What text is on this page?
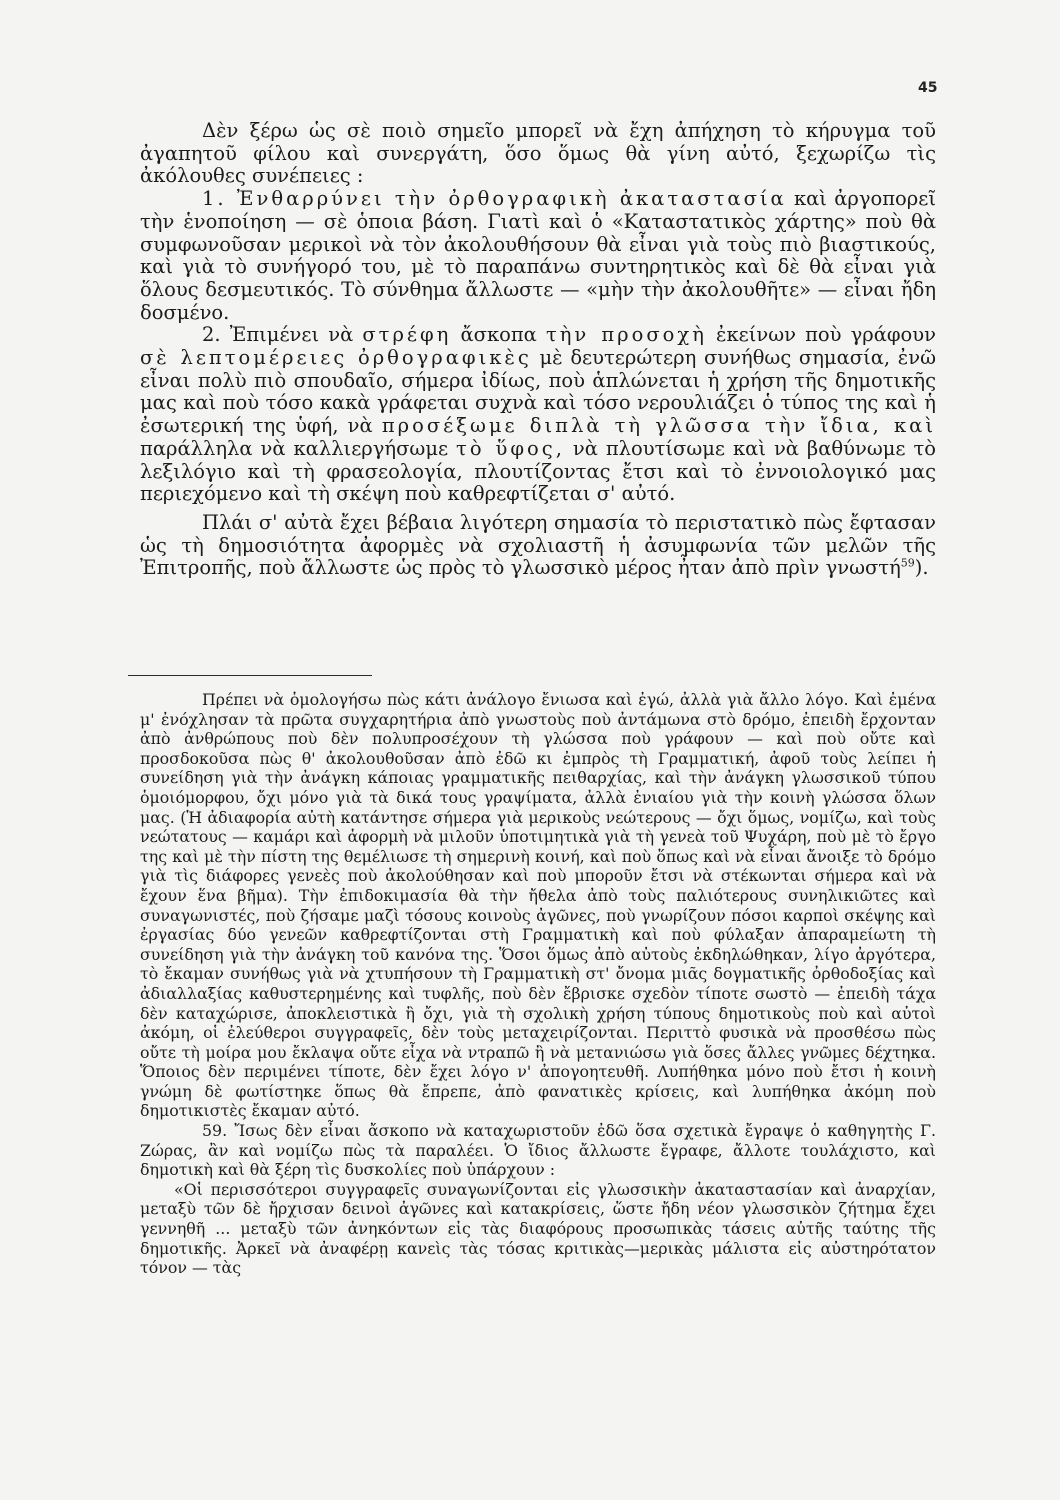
45

Δὲν ξέρω ὡς σὲ ποιὸ σημεῖο μπορεῖ νὰ ἔχη ἀπήχηση τὸ κήρυγμα τοῦ ἀγαπητοῦ φίλου καὶ συνεργάτη, ὅσο ὅμως θὰ γίνη αὐτό, ξεχωρίζω τὶς ἀκόλουθες συνέπειες :

1. Ἐνθαρρύνει τὴν ὀρθογραφικὴ ἀκαταστασία καὶ ἀργοπορεῖ τὴν ἑνοποίηση — σὲ ὁποια βάση. Γιατὶ καὶ ὁ «Καταστατικὸς χάρτης» ποὺ θὰ συμφωνοῦσαν μερικοὶ νὰ τὸν ἀκολουθήσουν θὰ εἶναι γιὰ τοὺς πιὸ βιαστικούς, καὶ γιὰ τὸ συνήγορό του, μὲ τὸ παραπάνω συντηρητικὸς καὶ δὲ θὰ εἶναι γιὰ ὅλους δεσμευτικός. Τὸ σύνθημα ἄλλωστε — «μὴν τὴν ἀκολουθῆτε» — εἶναι ἤδη δοσμένο.

2. Ἐπιμένει νὰ στρέφη ἄσκοπα τὴν προσοχὴ ἐκείνων ποὺ γράφουν σὲ λεπτομέρειες ὀρθογραφικὲς μὲ δευτερώτερη συνήθως σημασία, ἐνῶ εἶναι πολὺ πιὸ σπουδαῖο, σήμερα ἰδίως, ποὺ ἁπλώνεται ἡ χρήση τῆς δημοτικῆς μας καὶ ποὺ τόσο κακὰ γράφεται συχνὰ καὶ τόσο νερουλιάζει ὁ τύπος της καὶ ἡ ἐσωτερική της ὑφή, νὰ προσέξωμε διπλὰ τὴ γλῶσσα τὴν ἴδια, καὶ παράλληλα νὰ καλλιεργήσωμε τὸ ὕφος, νὰ πλουτίσωμε καὶ νὰ βαθύνωμε τὸ λεξιλόγιο καὶ τὴ φρασεολογία, πλουτίζοντας ἔτσι καὶ τὸ ἐννοιολογικό μας περιεχόμενο καὶ τὴ σκέψη ποὺ καθρεφτίζεται σ' αὐτό.

Πλάι σ' αὐτὰ ἔχει βέβαια λιγότερη σημασία τὸ περιστατικὸ πὼς ἔφτασαν ὡς τὴ δημοσιότητα ἀφορμὲς νὰ σχολιαστῆ ἡ ἀσυμφωνία τῶν μελῶν τῆς Ἐπιτροπῆς, ποὺ ἄλλωστε ὡς πρὸς τὸ γλωσσικὸ μέρος ἦταν ἀπὸ πρὶν γνωστή$^{59}$).

Πρέπει νὰ ὁμολογήσω πὼς κάτι ἀνάλογο ἔνιωσα καὶ ἐγώ, ἀλλὰ γιὰ ἄλλο λόγο. Καὶ ἐμένα μ' ἐνόχλησαν τὰ πρῶτα συγχαρητήρια ἀπὸ γνωστοὺς ποὺ ἀντάμωνα στὸ δρόμο, ἐπειδὴ ἔρχονταν ἀπὸ ἀνθρώπους ποὺ δὲν πολυπροσέχουν τὴ γλώσσα ποὺ γράφουν — καὶ ποὺ οὔτε καὶ προσδοκοῦσα πὼς θ' ἀκολουθοῦσαν ἀπὸ ἐδῶ κι ἐμπρὸς τὴ Γραμματική, ἀφοῦ τοὺς λείπει ἡ συνείδηση γιὰ τὴν ἀνάγκη κάποιας γραμματικῆς πειθαρχίας, καὶ τὴν ἀνάγκη γλωσσικοῦ τύπου ὁμοιόμορφου, ὄχι μόνο γιὰ τὰ δικά τους γραψίματα, ἀλλὰ ἑνιαίου γιὰ τὴν κοινὴ γλώσσα ὅλων μας. (Ἡ ἀδιαφορία αὐτὴ κατάντησε σήμερα γιὰ μερικοὺς νεώτερους — ὄχι ὅμως, νομίζω, καὶ τοὺς νεώτατους — καμάρι καὶ ἀφορμὴ νὰ μιλοῦν ὑποτιμητικὰ γιὰ τὴ γενεὰ τοῦ Ψυχάρη, ποὺ μὲ τὸ ἔργο της καὶ μὲ τὴν πίστη της θεμέλιωσε τὴ σημερινὴ κοινή, καὶ ποὺ ὅπως καὶ νὰ εἶναι ἄνοιξε τὸ δρόμο γιὰ τὶς διάφορες γενεὲς ποὺ ἀκολούθησαν καὶ ποὺ μποροῦν ἔτσι νὰ στέκωνται σήμερα καὶ νὰ ἔχουν ἕνα βῆμα). Τὴν ἐπιδοκιμασία θὰ τὴν ἤθελα ἀπὸ τοὺς παλιότερους συνηλικιῶτες καὶ συναγωνιστές, ποὺ ζήσαμε μαζὶ τόσους κοινοὺς ἀγῶνες, ποὺ γνωρίζουν πόσοι καρποὶ σκέψης καὶ ἐργασίας δύο γενεῶν καθρεφτίζονται στὴ Γραμματικὴ καὶ ποὺ φύλαξαν ἀπαραμείωτη τὴ συνείδηση γιὰ τὴν ἀνάγκη τοῦ κανόνα της. Ὅσοι ὅμως ἀπὸ αὐτοὺς ἐκδηλώθηκαν, λίγο ἀργότερα, τὸ ἔκαμαν συνήθως γιὰ νὰ χτυπήσουν τὴ Γραμματικὴ στ' ὄνομα μιᾶς δογματικῆς ὀρθοδοξίας καὶ ἀδιαλλαξίας καθυστερημένης καὶ τυφλῆς, ποὺ δὲν ἔβρισκε σχεδὸν τίποτε σωστὸ — ἐπειδὴ τάχα δὲν καταχώρισε, ἀποκλειστικὰ ἢ ὄχι, γιὰ τὴ σχολικὴ χρήση τύπους δημοτικοὺς ποὺ καὶ αὐτοὶ ἀκόμη, οἱ ἐλεύθεροι συγγραφεῖς, δὲν τοὺς μεταχειρίζονται. Περιττὸ φυσικὰ νὰ προσθέσω πὼς οὔτε τὴ μοίρα μου ἔκλαψα οὔτε εἶχα νὰ ντραπῶ ἢ νὰ μετανιώσω γιὰ ὅσες ἄλλες γνῶμες δέχτηκα. Ὅποιος δὲν περιμένει τίποτε, δὲν ἔχει λόγο ν' ἀπογοητευθῆ. Λυπήθηκα μόνο ποὺ ἔτσι ἡ κοινὴ γνώμη δὲ φωτίστηκε ὅπως θὰ ἔπρεπε, ἀπὸ φανατικὲς κρίσεις, καὶ λυπήθηκα ἀκόμη ποὺ δημοτικιστὲς ἔκαμαν αὐτό.

59. Ἴσως δὲν εἶναι ἄσκοπο νὰ καταχωριστοῦν ἐδῶ ὅσα σχετικὰ ἔγραψε ὁ καθηγητὴς Γ. Ζώρας, ἂν καὶ νομίζω πὼς τὰ παραλέει. Ὁ ἴδιος ἄλλωστε ἔγραφε, ἄλλοτε τουλάχιστο, καὶ δημοτικὴ καὶ θὰ ξέρη τὶς δυσκολίες ποὺ ὑπάρχουν :

«Οἱ περισσότεροι συγγραφεῖς συναγωνίζονται εἰς γλωσσικὴν ἀκαταστασίαν καὶ ἀναρχίαν, μεταξὺ τῶν δὲ ἤρχισαν δεινοὶ ἀγῶνες καὶ κατακρίσεις, ὥστε ἤδη νέον γλωσσικὸν ζήτημα ἔχει γεννηθῆ ... μεταξὺ τῶν ἀνηκόντων εἰς τὰς διαφόρους προσωπικὰς τάσεις αὐτῆς ταύτης τῆς δημοτικῆς. Ἀρκεῖ νὰ ἀναφέρῃ κανεὶς τὰς τόσας κριτικὰς—μερικὰς μάλιστα εἰς αὐστηρότατον τόνον — τὰς
